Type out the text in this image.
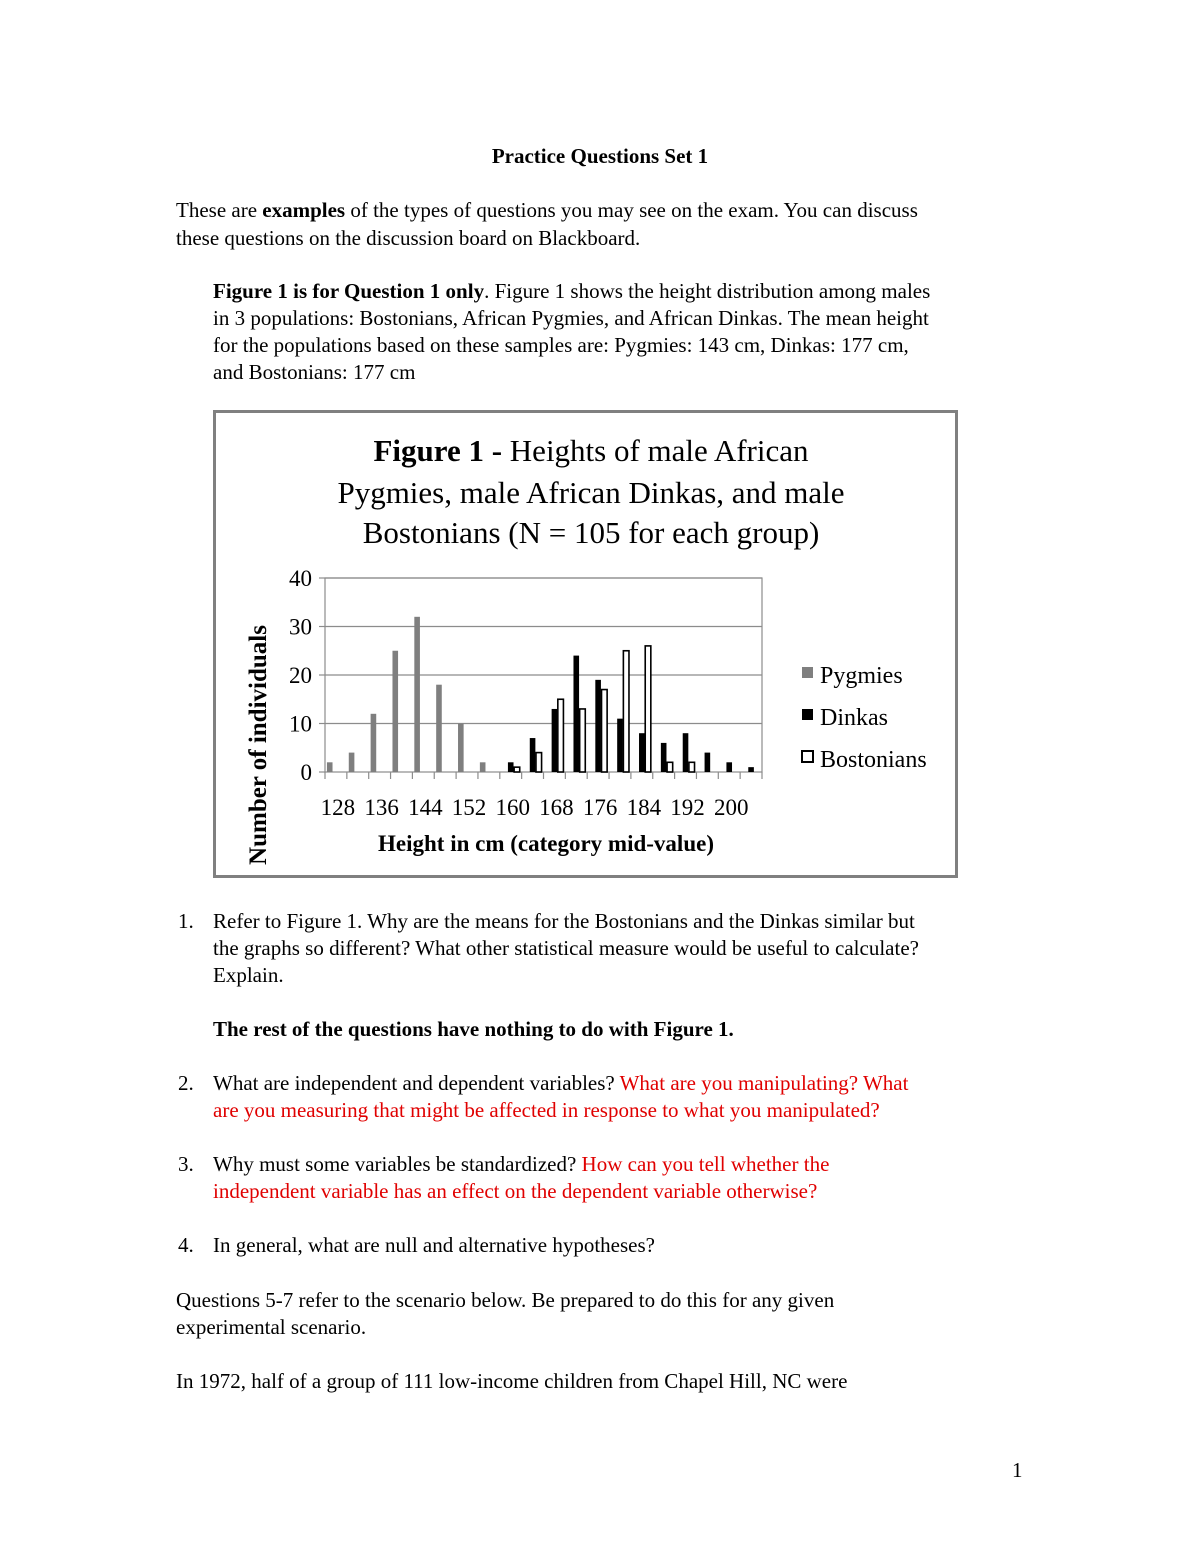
Practice Questions Set 1
These are examples of the types of questions you may see on the exam. You can discuss
these questions on the discussion board on Blackboard.
Figure 1 is for Question 1 only. Figure 1 shows the height distribution among males
in 3 populations: Bostonians, African Pygmies, and African Dinkas. The mean height
for the populations based on these samples are: Pygmies: 143 cm, Dinkas: 177 cm,
and Bostonians: 177 cm
Figure 1 - Heights of male African
Pygmies, male African Dinkas, and male
Bostonians (N = 105 for each group)
0
10
20
30
40
128 136 144 152 160 168 176 184 192 200
Height in cm (category mid-value)
Number of individuals	Pygmies
Dinkas
Bostonians
1. Refer to Figure 1. Why are the means for the Bostonians and the Dinkas similar but
the graphs so different? What other statistical measure would be useful to calculate?
Explain.
The rest of the questions have nothing to do with Figure 1.
2. What are independent and dependent variables? What are you manipulating? What
are you measuring that might be affected in response to what you manipulated?
3. Why must some variables be standardized? How can you tell whether the
independent variable has an effect on the dependent variable otherwise?
4. In general, what are null and alternative hypotheses?
Questions 5-7 refer to the scenario below. Be prepared to do this for any given
experimental scenario.
In 1972, half of a group of 111 low-income children from Chapel Hill, NC were
1
